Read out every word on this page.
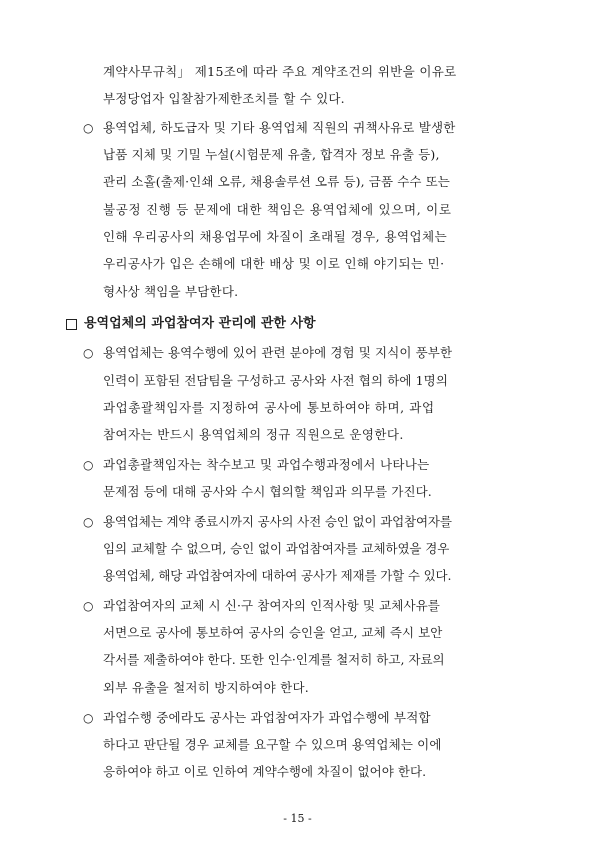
계약사무규칙」 제15조에 따라 주요 계약조건의 위반을 이유로
부정당업자 입찰참가제한조치를 할 수 있다.
○ 용역업체, 하도급자 및 기타 용역업체 직원의 귀책사유로 발생한
납품 지체 및 기밀 누설(시험문제 유출, 합격자 정보 유출 등),
관리 소홀(출제·인쇄 오류, 채용솔루션 오류 등), 금품 수수 또는
불공정 진행 등 문제에 대한 책임은 용역업체에 있으며, 이로
인해 우리공사의 채용업무에 차질이 초래될 경우, 용역업체는
우리공사가 입은 손해에 대한 배상 및 이로 인해 야기되는 민·
형사상 책임을 부담한다.
용역업체의 과업참여자 관리에 관한 사항
○ 용역업체는 용역수행에 있어 관련 분야에 경험 및 지식이 풍부한
인력이 포함된 전담팀을 구성하고 공사와 사전 협의 하에 1명의
과업총괄책임자를 지정하여 공사에 통보하여야 하며, 과업
참여자는 반드시 용역업체의 정규 직원으로 운영한다.
○ 과업총괄책임자는 착수보고 및 과업수행과정에서 나타나는
문제점 등에 대해 공사와 수시 협의할 책임과 의무를 가진다.
○ 용역업체는 계약 종료시까지 공사의 사전 승인 없이 과업참여자를
임의 교체할 수 없으며, 승인 없이 과업참여자를 교체하였을 경우
용역업체, 해당 과업참여자에 대하여 공사가 제재를 가할 수 있다.
○ 과업참여자의 교체 시 신·구 참여자의 인적사항 및 교체사유를
서면으로 공사에 통보하여 공사의 승인을 얻고, 교체 즉시 보안
각서를 제출하여야 한다. 또한 인수·인계를 철저히 하고, 자료의
외부 유출을 철저히 방지하여야 한다.
○ 과업수행 중에라도 공사는 과업참여자가 과업수행에 부적합
하다고 판단될 경우 교체를 요구할 수 있으며 용역업체는 이에
응하여야 하고 이로 인하여 계약수행에 차질이 없어야 한다.
- 15 -
